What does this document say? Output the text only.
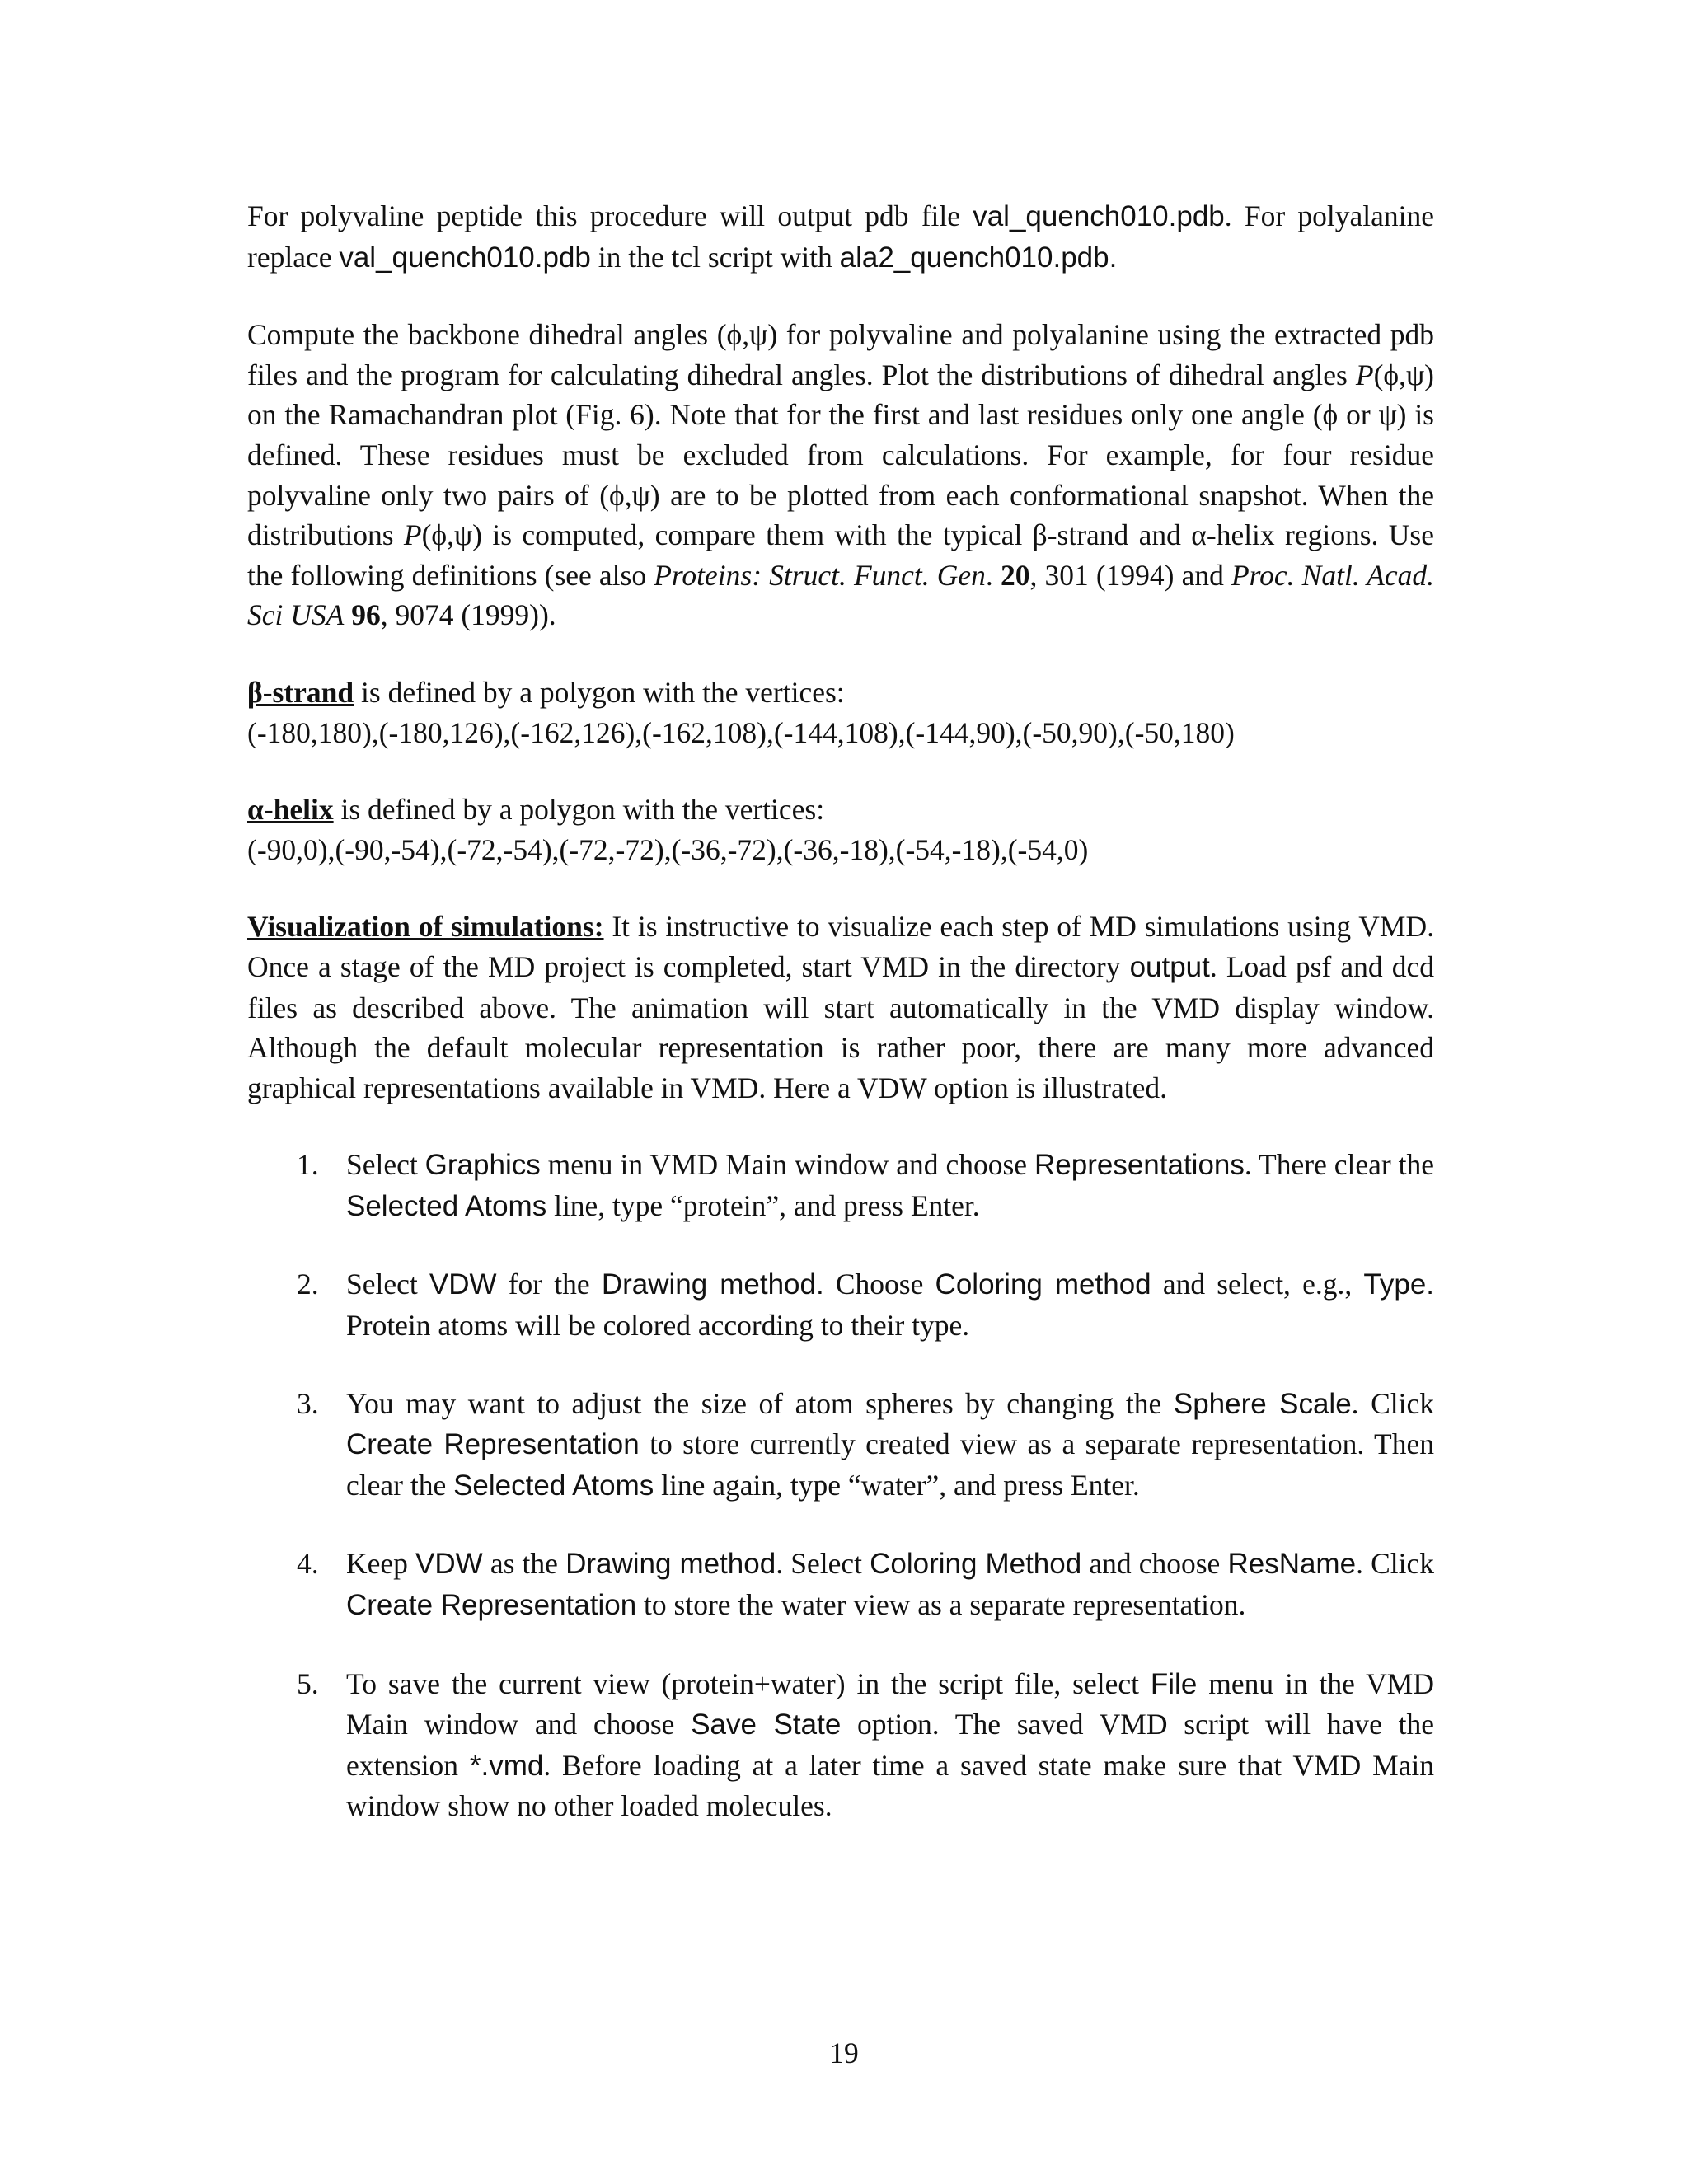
For polyvaline peptide this procedure will output pdb file val_quench010.pdb. For polyalanine replace val_quench010.pdb in the tcl script with ala2_quench010.pdb.

Compute the backbone dihedral angles (ϕ,ψ) for polyvaline and polyalanine using the extracted pdb files and the program for calculating dihedral angles. Plot the distributions of dihedral angles P(ϕ,ψ) on the Ramachandran plot (Fig. 6). Note that for the first and last residues only one angle (ϕ or ψ) is defined. These residues must be excluded from calculations. For example, for four residue polyvaline only two pairs of (ϕ,ψ) are to be plotted from each conformational snapshot. When the distributions P(ϕ,ψ) is computed, compare them with the typical β-strand and α-helix regions. Use the following definitions (see also Proteins: Struct. Funct. Gen. 20, 301 (1994) and Proc. Natl. Acad. Sci USA 96, 9074 (1999)).

β-strand is defined by a polygon with the vertices:
(-180,180),(-180,126),(-162,126),(-162,108),(-144,108),(-144,90),(-50,90),(-50,180)

α-helix is defined by a polygon with the vertices:
(-90,0),(-90,-54),(-72,-54),(-72,-72),(-36,-72),(-36,-18),(-54,-18),(-54,0)

Visualization of simulations: It is instructive to visualize each step of MD simulations using VMD. Once a stage of the MD project is completed, start VMD in the directory output. Load psf and dcd files as described above. The animation will start automatically in the VMD display window. Although the default molecular representation is rather poor, there are many more advanced graphical representations available in VMD. Here a VDW option is illustrated.

1. Select Graphics menu in VMD Main window and choose Representations. There clear the Selected Atoms line, type “protein”, and press Enter.
2. Select VDW for the Drawing method. Choose Coloring method and select, e.g., Type. Protein atoms will be colored according to their type.
3. You may want to adjust the size of atom spheres by changing the Sphere Scale. Click Create Representation to store currently created view as a separate representation. Then clear the Selected Atoms line again, type “water”, and press Enter.
4. Keep VDW as the Drawing method. Select Coloring Method and choose ResName. Click Create Representation to store the water view as a separate representation.
5. To save the current view (protein+water) in the script file, select File menu in the VMD Main window and choose Save State option. The saved VMD script will have the extension *.vmd. Before loading at a later time a saved state make sure that VMD Main window show no other loaded molecules.
19
